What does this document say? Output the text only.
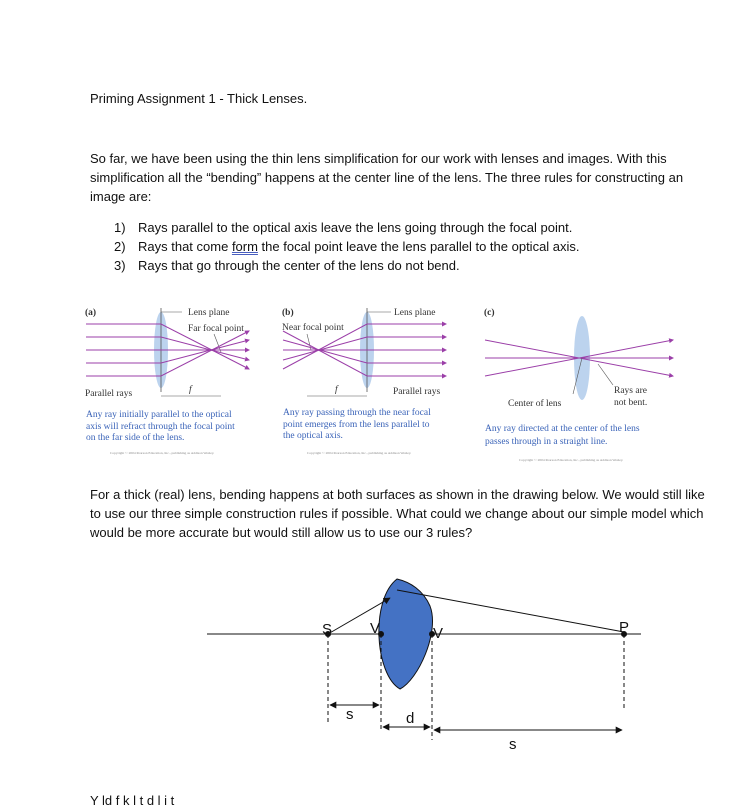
Priming Assignment 1 - Thick Lenses.

So far, we have been using the thin lens simplification for our work with lenses and images. With this simplification all the “bending” happens at the center line of the lens. The three rules for constructing an image are:

1) Rays parallel to the optical axis leave the lens going through the focal point.
2) Rays that come form the focal point leave the lens parallel to the optical axis.
3) Rays that go through the center of the lens do not bend.
(a)	Lens plane
Far focal point
Parallel rays	f
Any ray initially parallel to the optical axis will refract through the focal point on the far side of the lens.
Copyright © 2004 Pearson Education, Inc., publishing as Addison Wesley.
(b)	Lens plane
Near focal point
f	Parallel rays
Any ray passing through the near focal point emerges from the lens parallel to the optical axis.
Copyright © 2004 Pearson Education, Inc., publishing as Addison Wesley.
(c)
Center of lens
Rays are
not bent.
Any ray directed at the center of the lens passes through in a straight line.
Copyright © 2004 Pearson Education, Inc., publishing as Addison Wesley.

For a thick (real) lens, bending happens at both surfaces as shown in the drawing below. We would still like to use our three simple construction rules if possible. What could we change about our simple model which would be more accurate but would still allow us to use our 3 rules?

S	V	V	P
s	d
s
Y ld f k l t d l i t
